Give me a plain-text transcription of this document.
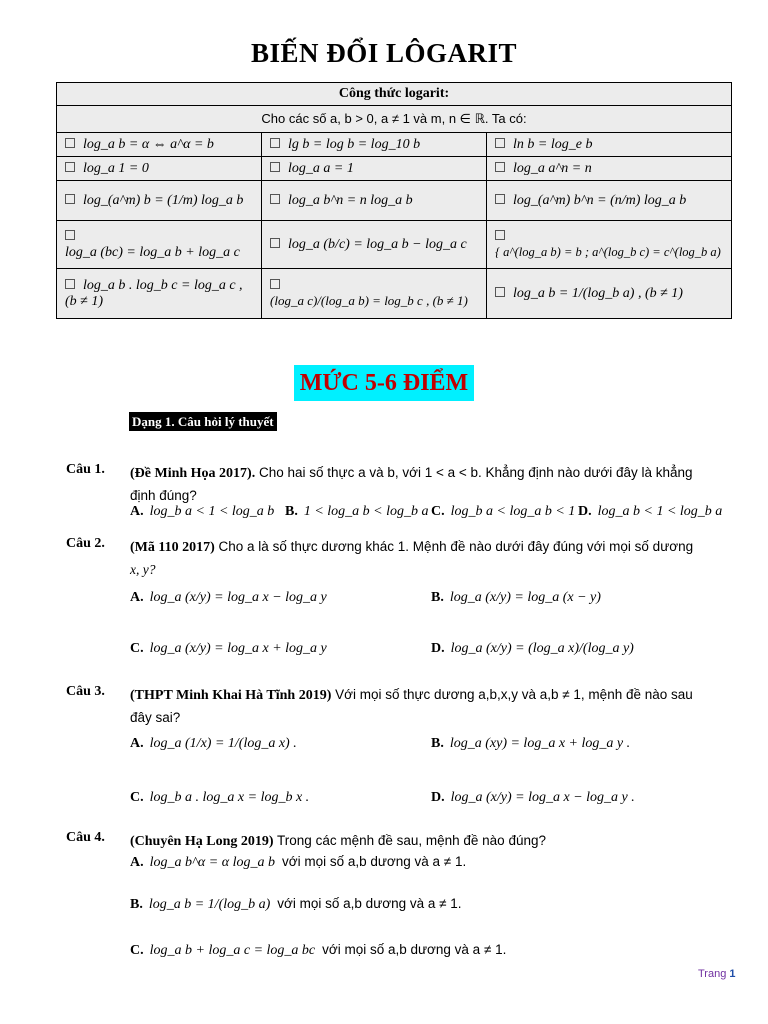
BIẾN ĐỔI LÔGARIT
Công thức logarit:		

Cho các số a, b > 0, a ≠ 1 và m, n ∈ ℝ. Ta có:		

log_a b = α ⇔ a^α = b	lg b = log b = log_10 b	ln b = log_e b
log_a 1 = 0	log_a a = 1	log_a a^n = n
log_(a^m) b = (1/m) log_a b	log_a b^n = n log_a b	log_(a^m) b^n = (n/m) log_a b
log_a (bc) = log_a b + log_a c	log_a (b/c) = log_a b − log_a c	{ a^(log_a b) = b ; a^(log_b c) = c^(log_b a)
log_a b . log_b c = log_a c , (b ≠ 1)	(log_a c)/(log_a b) = log_b c , (b ≠ 1)	log_a b = 1/(log_b a) , (b ≠ 1)
MỨC 5-6 ĐIỂM
Dạng 1. Câu hỏi lý thuyết
Câu 1. (Đề Minh Họa 2017). Cho hai số thực a và b, với 1 < a < b. Khẳng định nào dưới đây là khẳng
định đúng?
A. log_b a < 1 < log_a b B. 1 < log_a b < log_b a C. log_b a < log_a b < 1 D. log_a b < 1 < log_b a
Câu 2. (Mã 110 2017) Cho a là số thực dương khác 1. Mệnh đề nào dưới đây đúng với mọi số dương
x, y?
A. log_a (x/y) = log_a x − log_a y	B. log_a (x/y) = log_a (x − y)
C. log_a (x/y) = log_a x + log_a y	D. log_a (x/y) = (log_a x)/(log_a y)
Câu 3. (THPT Minh Khai Hà Tĩnh 2019) Với mọi số thực dương a,b,x,y và a,b ≠ 1, mệnh đề nào sau
đây sai?
A. log_a (1/x) = 1/(log_a x) .	B. log_a (xy) = log_a x + log_a y .
C. log_b a . log_a x = log_b x .	D. log_a (x/y) = log_a x − log_a y .
Câu 4. (Chuyên Hạ Long 2019) Trong các mệnh đề sau, mệnh đề nào đúng?
A. log_a b^α = α log_a b với mọi số a,b dương và a ≠ 1.
B. log_a b = 1/(log_b a) với mọi số a,b dương và a ≠ 1.
C. log_a b + log_a c = log_a bc với mọi số a,b dương và a ≠ 1.
Trang 1
